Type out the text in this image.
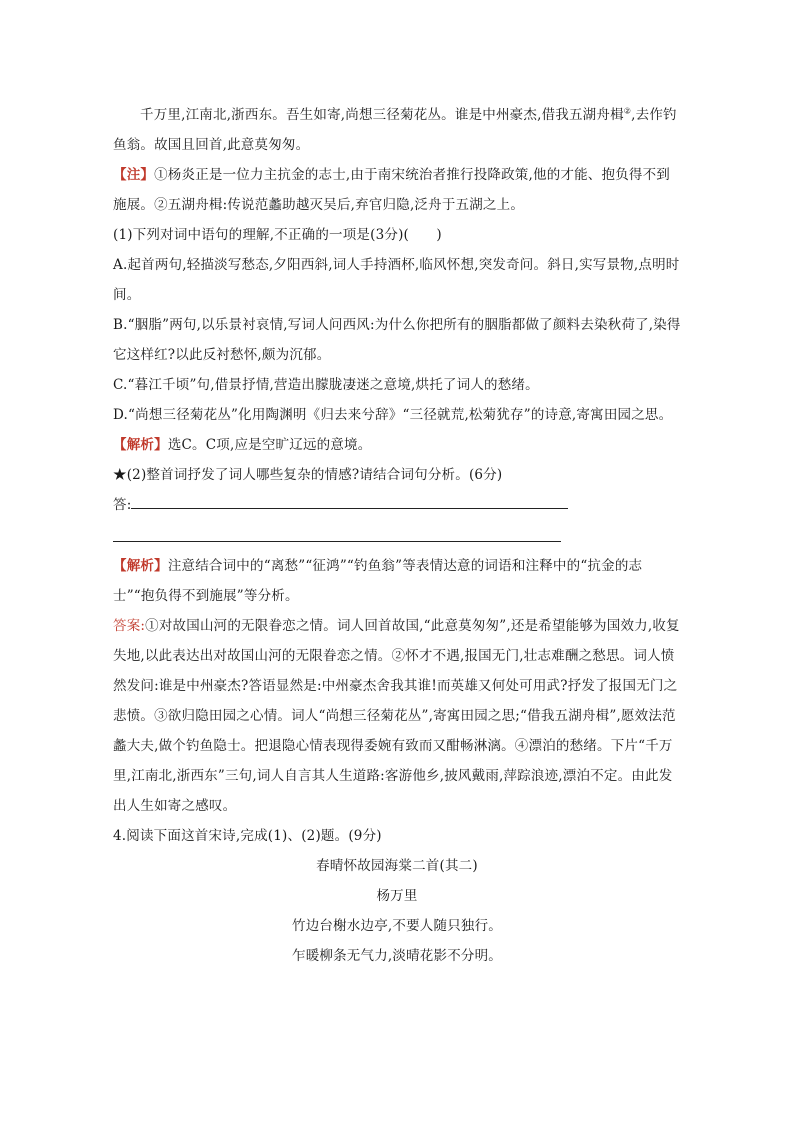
千万里,江南北,浙西东。吾生如寄,尚想三径菊花丛。谁是中州豪杰,借我五湖舟楫②,去作钓鱼翁。故国且回首,此意莫匆匆。

【注】①杨炎正是一位力主抗金的志士,由于南宋统治者推行投降政策,他的才能、抱负得不到施展。②五湖舟楫:传说范蠡助越灭吴后,弃官归隐,泛舟于五湖之上。

(1)下列对词中语句的理解,不正确的一项是(3分)(　　)

A.起首两句,轻描淡写愁态,夕阳西斜,词人手持酒杯,临风怀想,突发奇问。斜日,实写景物,点明时间。

B.“胭脂”两句,以乐景衬哀情,写词人问西风:为什么你把所有的胭脂都做了颜料去染秋荷了,染得它这样红?以此反衬愁怀,颇为沉郁。

C.“暮江千顷”句,借景抒情,营造出朦胧凄迷之意境,烘托了词人的愁绪。

D.“尚想三径菊花丛”化用陶渊明《归去来兮辞》“三径就荒,松菊犹存”的诗意,寄寓田园之思。

【解析】选C。C项,应是空旷辽远的意境。

★(2)整首词抒发了词人哪些复杂的情感?请结合词句分析。(6分)

答:

【解析】注意结合词中的“离愁”“征鸿”“钓鱼翁”等表情达意的词语和注释中的“抗金的志士”“抱负得不到施展”等分析。

答案:①对故国山河的无限眷恋之情。词人回首故国,“此意莫匆匆”,还是希望能够为国效力,收复失地,以此表达出对故国山河的无限眷恋之情。②怀才不遇,报国无门,壮志难酬之愁思。词人愤然发问:谁是中州豪杰?答语显然是:中州豪杰舍我其谁!而英雄又何处可用武?抒发了报国无门之悲愤。③欲归隐田园之心情。词人“尚想三径菊花丛”,寄寓田园之思;“借我五湖舟楫”,愿效法范蠡大夫,做个钓鱼隐士。把退隐心情表现得委婉有致而又酣畅淋漓。④漂泊的愁绪。下片“千万里,江南北,浙西东”三句,词人自言其人生道路:客游他乡,披风戴雨,萍踪浪迹,漂泊不定。由此发出人生如寄之感叹。

4.阅读下面这首宋诗,完成(1)、(2)题。(9分)

春晴怀故园海棠二首(其二)

杨万里

竹边台榭水边亭,不要人随只独行。

乍暖柳条无气力,淡晴花影不分明。
